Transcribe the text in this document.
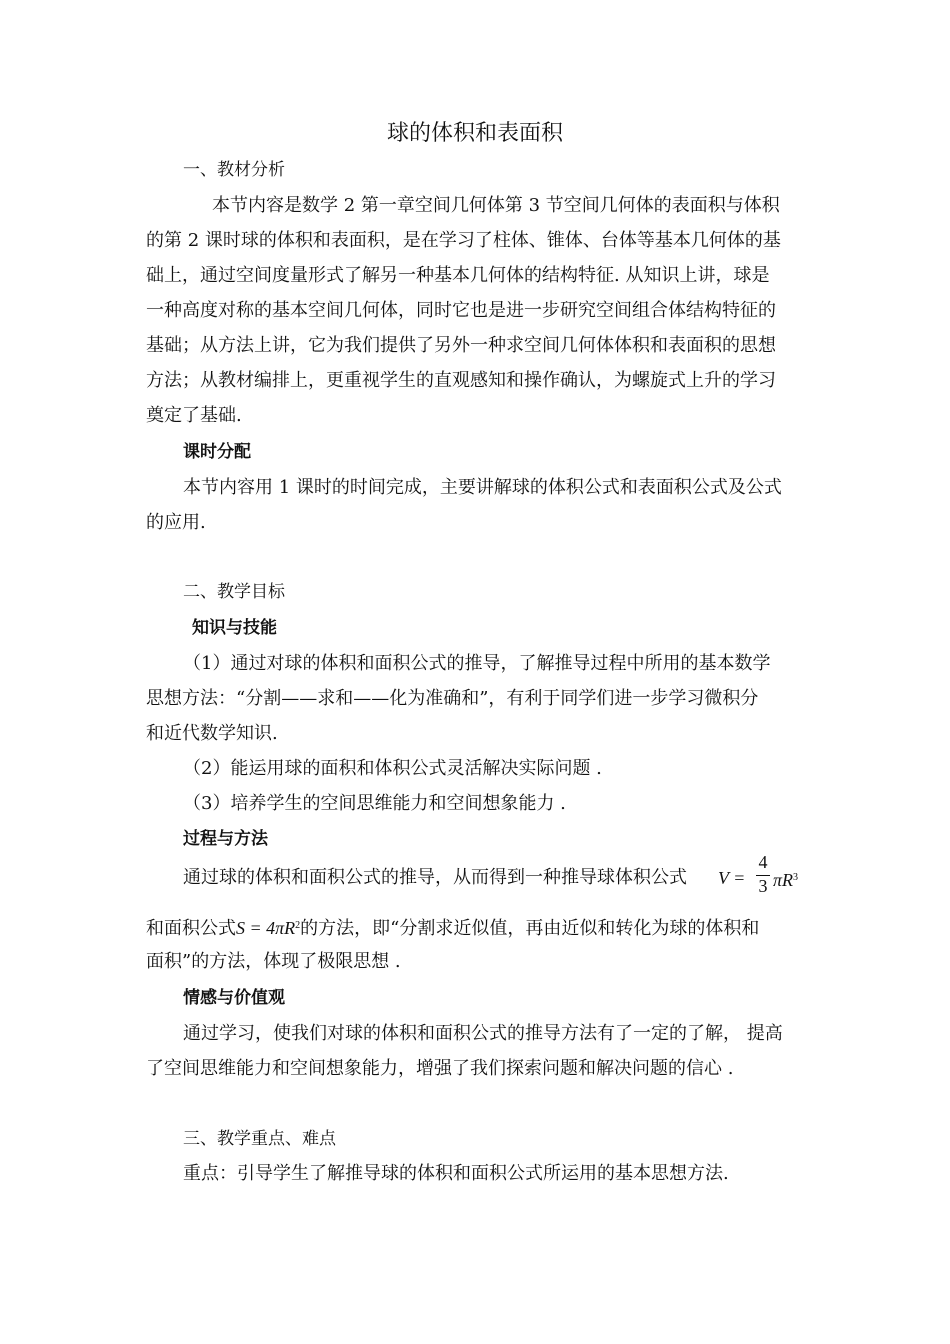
球的体积和表面积
一、教材分析
本节内容是数学 2 第一章空间几何体第 3 节空间几何体的表面积与体积
的第 2 课时球的体积和表面积，是在学习了柱体、锥体、台体等基本几何体的基
础上，通过空间度量形式了解另一种基本几何体的结构特征. 从知识上讲，球是
一种高度对称的基本空间几何体，同时它也是进一步研究空间组合体结构特征的
基础；从方法上讲，它为我们提供了另外一种求空间几何体体积和表面积的思想
方法；从教材编排上，更重视学生的直观感知和操作确认，为螺旋式上升的学习
奠定了基础.
课时分配
本节内容用 1 课时的时间完成，主要讲解球的体积公式和表面积公式及公式
的应用.
二、教学目标
知识与技能
（1）通过对球的体积和面积公式的推导，了解推导过程中所用的基本数学
思想方法：“分割——求和——化为准确和”，有利于同学们进一步学习微积分
和近代数学知识.
（2）能运用球的面积和体积公式灵活解决实际问题 .
（3）培养学生的空间思维能力和空间想象能力 .
过程与方法
通过球的体积和面积公式的推导，从而得到一种推导球体积公式 V =
4
3 $\pi R^3$
和面积公式$S = 4\pi R^2$的方法，即“分割求近似值，再由近似和转化为球的体积和
面积”的方法，体现了极限思想 .
情感与价值观
通过学习，使我们对球的体积和面积公式的推导方法有了一定的了解， 提高
了空间思维能力和空间想象能力，增强了我们探索问题和解决问题的信心 .
三、教学重点、难点
重点：引导学生了解推导球的体积和面积公式所运用的基本思想方法.
